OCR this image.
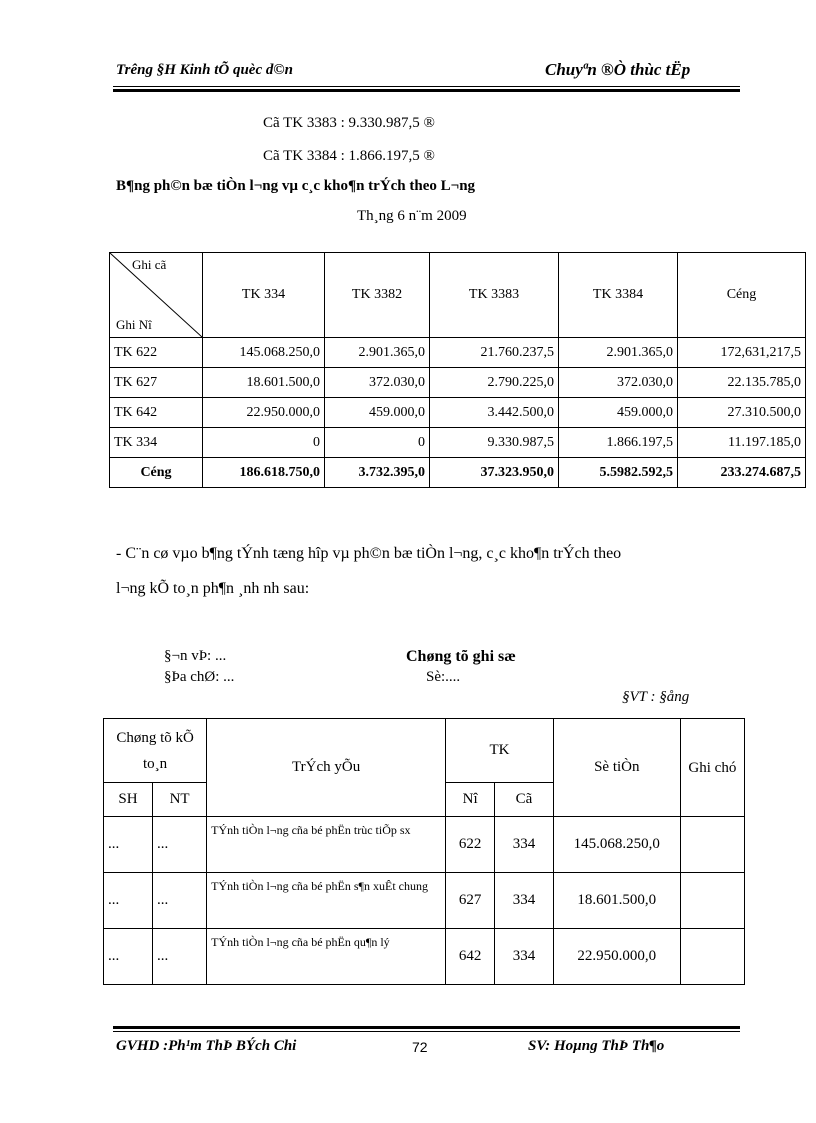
Trêng §H Kinh tÕ quèc d©n	Chuyªn ®Ò thùc tËp
Cã TK 3383 : 9.330.987,5 ®
Cã TK 3384 : 1.866.197,5 ®
B¶ng ph©n bæ tiÒn l¬ng vµ c¸c kho¶n trÝch theo L¬ng
Th¸ng 6 n¨m 2009
Ghi cã
Ghi Nî	TK 334	TK 3382	TK 3383	TK 3384	Céng
TK 622	145.068.250,0	2.901.365,0	21.760.237,5	2.901.365,0	172,631,217,5
TK 627	18.601.500,0	372.030,0	2.790.225,0	372.030,0	22.135.785,0
TK 642	22.950.000,0	459.000,0	3.442.500,0	459.000,0	27.310.500,0
TK 334	0	0	9.330.987,5	1.866.197,5	11.197.185,0
Céng	186.618.750,0	3.732.395,0	37.323.950,0	5.5982.592,5	233.274.687,5
- C¨n cø vµo b¶ng tÝnh tæng hîp vµ ph©n bæ tiÒn l¬ng, c¸c kho¶n trÝch theo
l¬ng kÕ to¸n ph¶n ¸nh nh sau:
§¬n vÞ: ...
§Þa chØ: ...
Chøng tõ ghi sæ
Sè:....
§VT : §ång
Chøng tõ kÕ to¸n		TrÝch yÕu	TK		Sè tiÒn	Ghi chó
SH	NT		Nî	Cã		
...	...	TÝnh tiÒn l¬ng cña bé phËn trùc tiÕp sx	622	334	145.068.250,0	
...	...	TÝnh tiÒn l¬ng cña bé phËn s¶n xuÊt chung	627	334	18.601.500,0	
...	...	TÝnh tiÒn l¬ng cña bé phËn qu¶n lý	642	334	22.950.000,0	
GVHD :Ph¹m ThÞ BÝch Chi	72	SV: Hoµng ThÞ Th¶o
